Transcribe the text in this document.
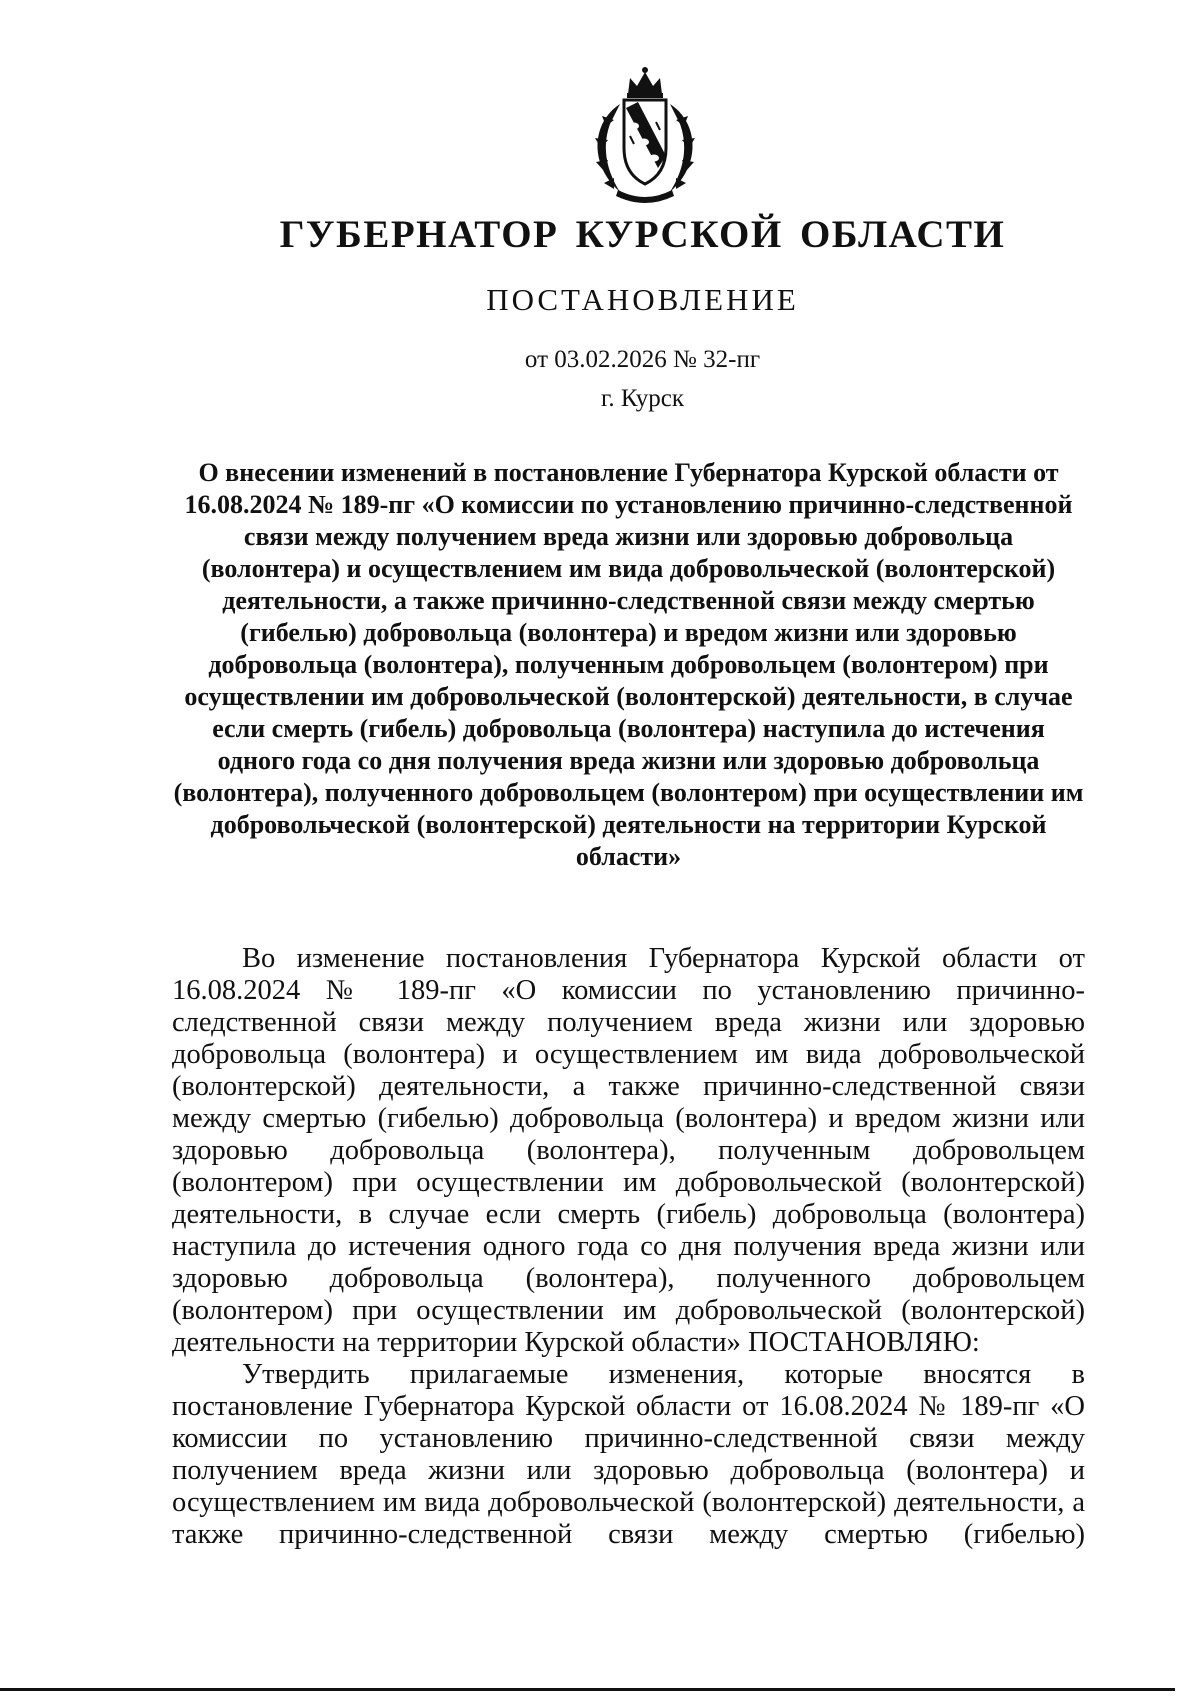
ГУБЕРНАТОР КУРСКОЙ ОБЛАСТИ
ПОСТАНОВЛЕНИЕ
от 03.02.2026 № 32-пг
г. Курск
О внесении изменений в постановление Губернатора Курской области от 16.08.2024 № 189-пг «О комиссии по установлению причинно-следственной связи между получением вреда жизни или здоровью добровольца (волонтера) и осуществлением им вида добровольческой (волонтерской) деятельности, а также причинно-следственной связи между смертью (гибелью) добровольца (волонтера) и вредом жизни или здоровью добровольца (волонтера), полученным добровольцем (волонтером) при осуществлении им добровольческой (волонтерской) деятельности, в случае если смерть (гибель) добровольца (волонтера) наступила до истечения одного года со дня получения вреда жизни или здоровью добровольца (волонтера), полученного добровольцем (волонтером) при осуществлении им добровольческой (волонтерской) деятельности на территории Курской области»

Во изменение постановления Губернатора Курской области от 16.08.2024 № 189-пг «О комиссии по установлению причинно-следственной связи между получением вреда жизни или здоровью добровольца (волонтера) и осуществлением им вида добровольческой (волонтерской) деятельности, а также причинно-следственной связи между смертью (гибелью) добровольца (волонтера) и вредом жизни или здоровью добровольца (волонтера), полученным добровольцем (волонтером) при осуществлении им добровольческой (волонтерской) деятельности, в случае если смерть (гибель) добровольца (волонтера) наступила до истечения одного года со дня получения вреда жизни или здоровью добровольца (волонтера), полученного добровольцем (волонтером) при осуществлении им добровольческой (волонтерской) деятельности на территории Курской области» ПОСТАНОВЛЯЮ:

Утвердить прилагаемые изменения, которые вносятся в постановление Губернатора Курской области от 16.08.2024 № 189-пг «О комиссии по установлению причинно-следственной связи между получением вреда жизни или здоровью добровольца (волонтера) и осуществлением им вида добровольческой (волонтерской) деятельности, а также причинно-следственной связи между смертью (гибелью)
